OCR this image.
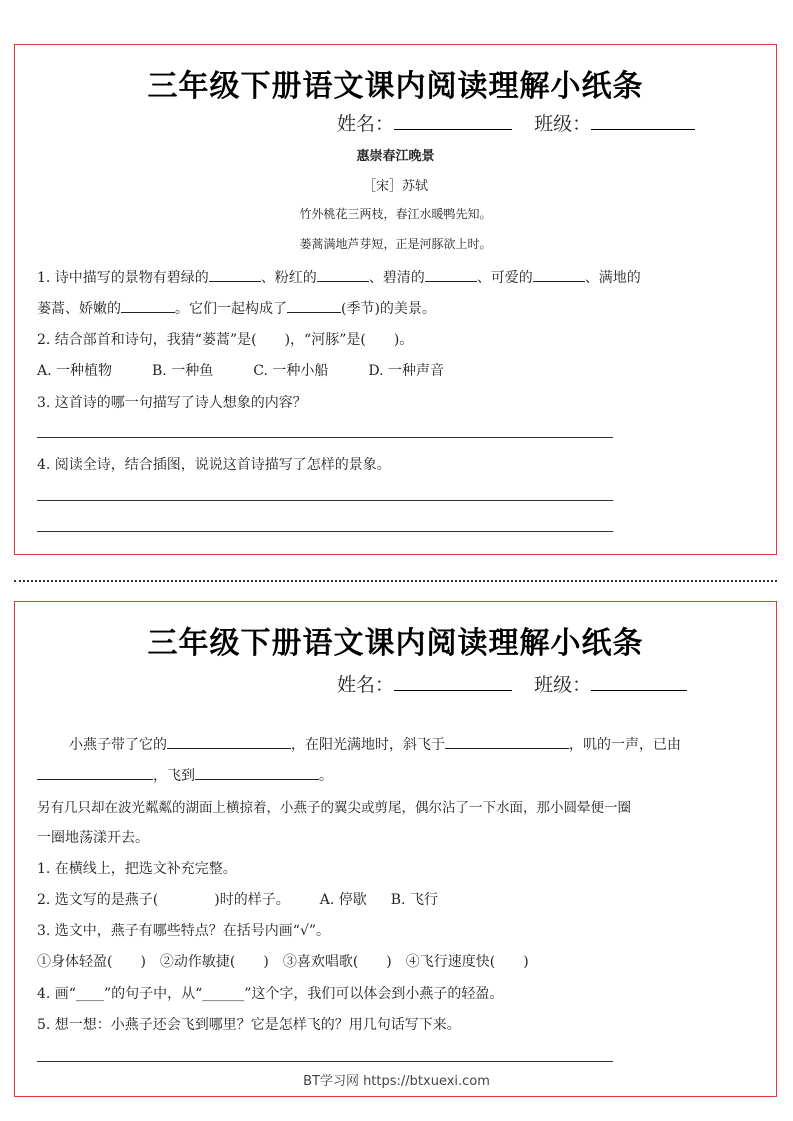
三年级下册语文课内阅读理解小纸条
姓名：	班级：
惠崇春江晚景
［宋］苏轼
竹外桃花三两枝，春江水暖鸭先知。
蒌蒿满地芦芽短，正是河豚欲上时。
1. 诗中描写的景物有碧绿的	、粉红的	、碧清的	、可爱的	、满地的
蒌蒿、娇嫩的	。它们一起构成了	(季节)的美景。
2. 结合部首和诗句，我猜“蒌蒿”是(　　)，“河豚”是(　　)。
A. 一种植物	B. 一种鱼	C. 一种小船	D. 一种声音
3. 这首诗的哪一句描写了诗人想象的内容？
4. 阅读全诗，结合插图，说说这首诗描写了怎样的景象。
三年级下册语文课内阅读理解小纸条
姓名：	班级：
小燕子带了它的	，在阳光满地时，斜飞于	，叽的一声，已由
，飞到	。
另有几只却在波光粼粼的湖面上横掠着，小燕子的翼尖或剪尾，偶尔沾了一下水面，那小圆晕便一圈
一圈地荡漾开去。
1. 在横线上，把选文补充完整。
2. 选文写的是燕子(　　　　)时的样子。 A. 停歇 B. 飞行
3. 选文中，燕子有哪些特点？在括号内画“√”。
①身体轻盈(　　)　②动作敏捷(　　)　③喜欢唱歌(　　)　④飞行速度快(　　)
4. 画“____”的句子中，从“______”这个字，我们可以体会到小燕子的轻盈。
5. 想一想：小燕子还会飞到哪里？它是怎样飞的？用几句话写下来。
BT学习网 https://btxuexi.com
